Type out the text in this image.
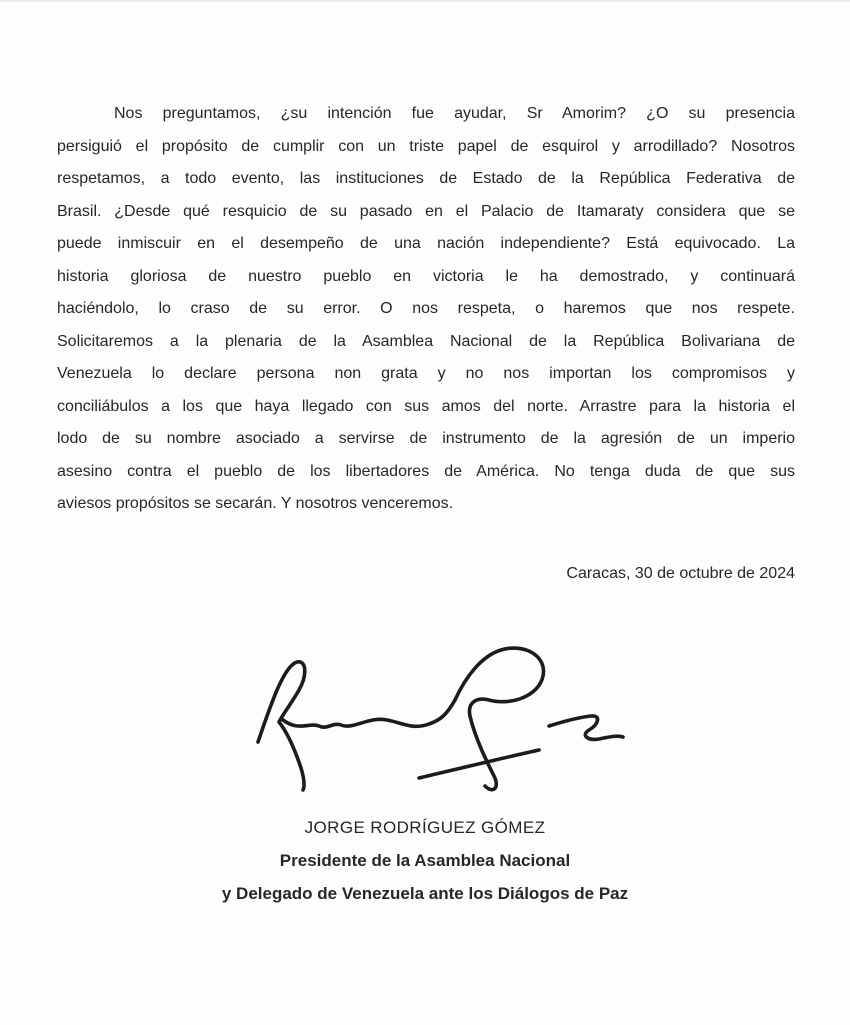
Nos preguntamos, ¿su intención fue ayudar, Sr Amorim? ¿O su presencia
persiguió el propósito de cumplir con un triste papel de esquirol y arrodillado? Nosotros
respetamos, a todo evento, las instituciones de Estado de la República Federativa de
Brasil. ¿Desde qué resquicio de su pasado en el Palacio de Itamaraty considera que se
puede inmiscuir en el desempeño de una nación independiente? Está equivocado. La
historia gloriosa de nuestro pueblo en victoria le ha demostrado, y continuará
haciéndolo, lo craso de su error. O nos respeta, o haremos que nos respete.
Solicitaremos a la plenaria de la Asamblea Nacional de la República Bolivariana de
Venezuela lo declare persona non grata y no nos importan los compromisos y
conciliábulos a los que haya llegado con sus amos del norte. Arrastre para la historia el
lodo de su nombre asociado a servirse de instrumento de la agresión de un imperio
asesino contra el pueblo de los libertadores de América. No tenga duda de que sus
aviesos propósitos se secarán. Y nosotros venceremos.
Caracas, 30 de octubre de 2024
JORGE RODRÍGUEZ GÓMEZ
Presidente de la Asamblea Nacional
y Delegado de Venezuela ante los Diálogos de Paz
